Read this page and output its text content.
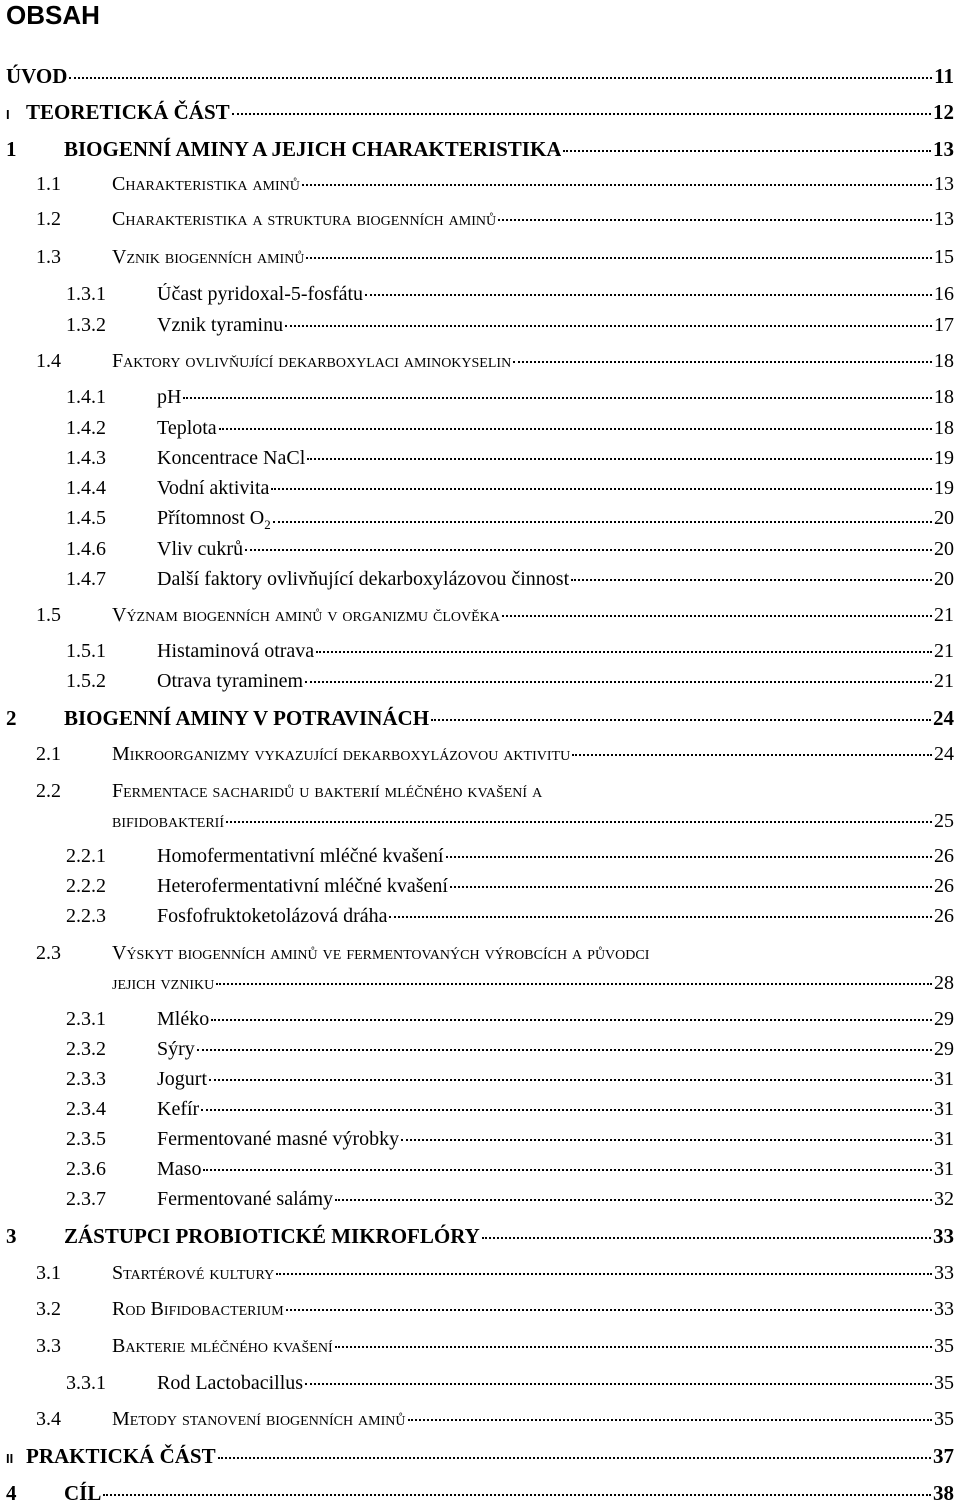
OBSAH
ÚVOD	11
I TEORETICKÁ ČÁST	12
1	BIOGENNÍ AMINY A JEJICH CHARAKTERISTIKA	13
1.1	Charakteristika aminů	13
1.2	Charakteristika a struktura biogenních aminů	13
1.3	Vznik biogenních aminů	15
1.3.1	Účast pyridoxal-5-fosfátu	16
1.3.2	Vznik tyraminu	17
1.4	Faktory ovlivňující dekarboxylaci aminokyselin	18
1.4.1	pH	18
1.4.2	Teplota	18
1.4.3	Koncentrace NaCl	19
1.4.4	Vodní aktivita	19
1.4.5	Přítomnost $O_2$	20
1.4.6	Vliv cukrů	20
1.4.7	Další faktory ovlivňující dekarboxylázovou činnost	20
1.5	Význam biogenních aminů v organizmu člověka	21
1.5.1	Histaminová otrava	21
1.5.2	Otrava tyraminem	21
2	BIOGENNÍ AMINY V POTRAVINÁCH	24
2.1	Mikroorganizmy vykazující dekarboxylázovou aktivitu	24
2.2	Fermentace sacharidů u bakterií mléčného kvašení a
bifidobakterií	25
2.2.1	Homofermentativní mléčné kvašení	26
2.2.2	Heterofermentativní mléčné kvašení	26
2.2.3	Fosfofruktoketolázová dráha	26
2.3	Výskyt biogenních aminů ve fermentovaných výrobcích a původci
jejich vzniku	28
2.3.1	Mléko	29
2.3.2	Sýry	29
2.3.3	Jogurt	31
2.3.4	Kefír	31
2.3.5	Fermentované masné výrobky	31
2.3.6	Maso	31
2.3.7	Fermentované salámy	32
3	ZÁSTUPCI PROBIOTICKÉ MIKROFLÓRY	33
3.1	Startérové kultury	33
3.2	Rod Bifidobacterium	33
3.3	Bakterie mléčného kvašení	35
3.3.1	Rod Lactobacillus	35
3.4	Metody stanovení biogenních aminů	35
II PRAKTICKÁ ČÁST	37
4	CÍL	38
